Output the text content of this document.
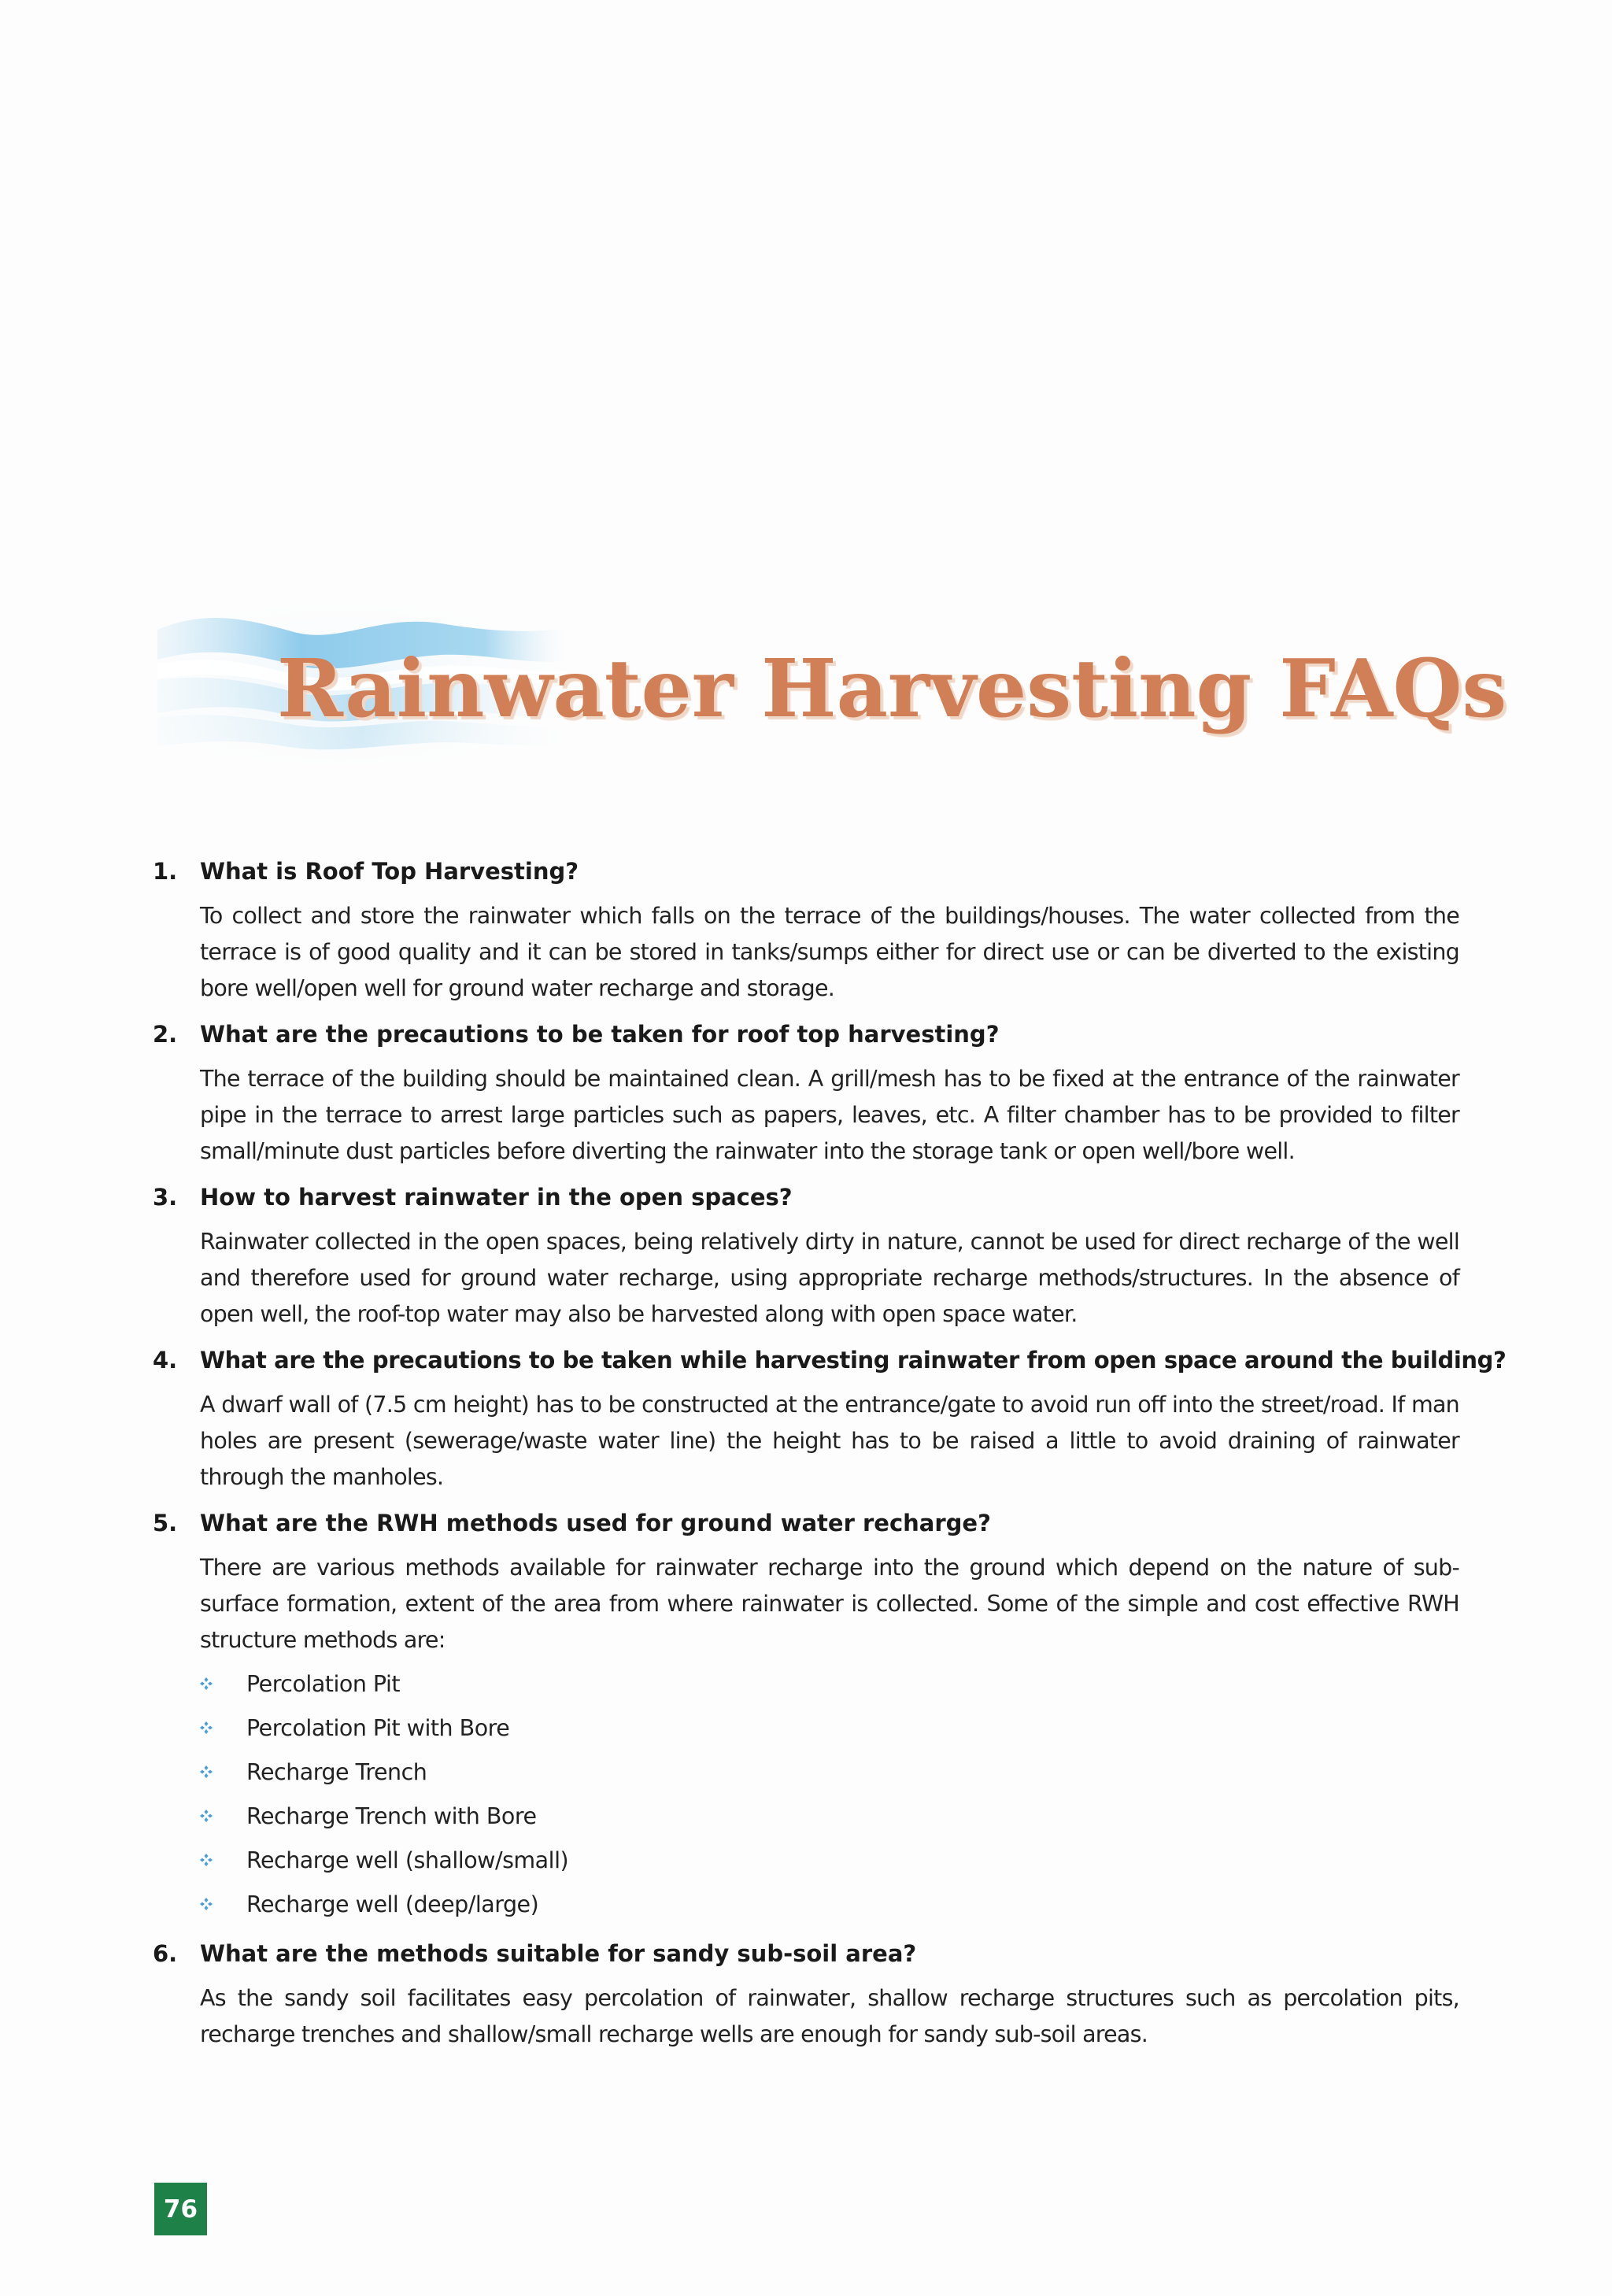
Rainwater Harvesting FAQs
1. What is Roof Top Harvesting?

To collect and store the rainwater which falls on the terrace of the buildings/houses. The water collected from the terrace is of good quality and it can be stored in tanks/sumps either for direct use or can be diverted to the existing bore well/open well for ground water recharge and storage.

2. What are the precautions to be taken for roof top harvesting?

The terrace of the building should be maintained clean. A grill/mesh has to be fixed at the entrance of the rainwater pipe in the terrace to arrest large particles such as papers, leaves, etc. A filter chamber has to be provided to filter small/minute dust particles before diverting the rainwater into the storage tank or open well/bore well.

3. How to harvest rainwater in the open spaces?

Rainwater collected in the open spaces, being relatively dirty in nature, cannot be used for direct recharge of the well and therefore used for ground water recharge, using appropriate recharge methods/structures. In the absence of open well, the roof-top water may also be harvested along with open space water.

4. What are the precautions to be taken while harvesting rainwater from open space around the building?

A dwarf wall of (7.5 cm height) has to be constructed at the entrance/gate to avoid run off into the street/road. If man holes are present (sewerage/waste water line) the height has to be raised a little to avoid draining of rainwater through the manholes.

5. What are the RWH methods used for ground water recharge?

There are various methods available for rainwater recharge into the ground which depend on the nature of sub-surface formation, extent of the area from where rainwater is collected. Some of the simple and cost effective RWH structure methods are:

Percolation Pit
Percolation Pit with Bore
Recharge Trench
Recharge Trench with Bore
Recharge well (shallow/small)
Recharge well (deep/large)
6. What are the methods suitable for sandy sub-soil area?

As the sandy soil facilitates easy percolation of rainwater, shallow recharge structures such as percolation pits, recharge trenches and shallow/small recharge wells are enough for sandy sub-soil areas.

76
